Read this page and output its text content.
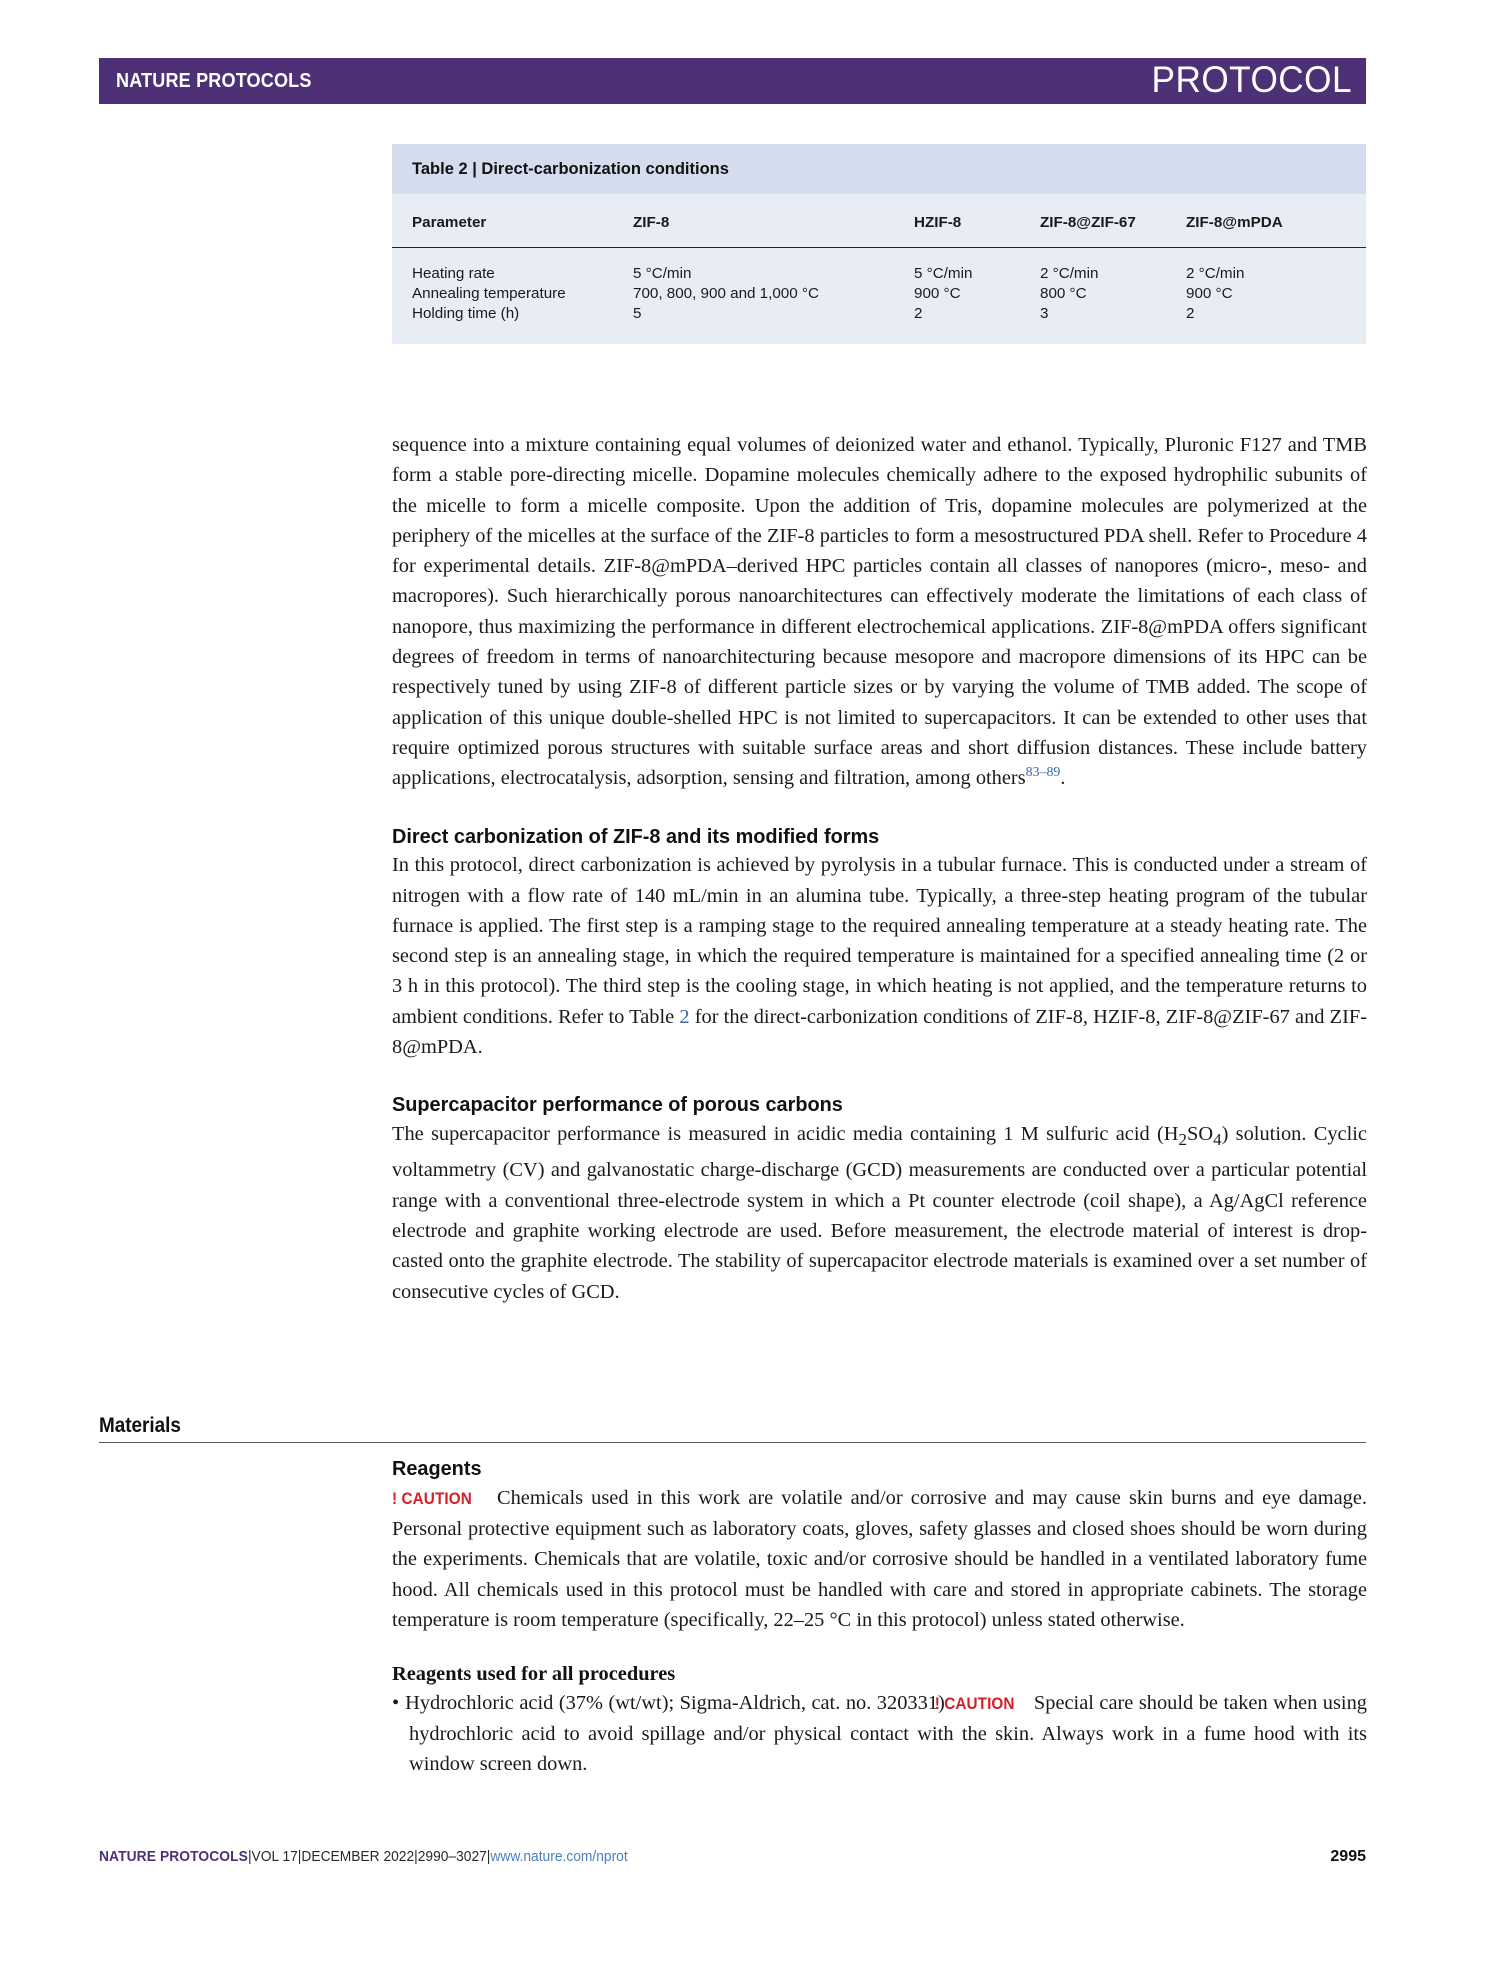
NATURE PROTOCOLS	PROTOCOL
Table 2 | Direct-carbonization conditions
Parameter	ZIF-8	HZIF-8	ZIF-8@ZIF-67	ZIF-8@mPDA
Heating rate	5 °C/min	5 °C/min	2 °C/min	2 °C/min
Annealing temperature	700, 800, 900 and 1,000 °C	900 °C	800 °C	900 °C
Holding time (h)	5	2	3	2

sequence into a mixture containing equal volumes of deionized water and ethanol. Typically, Pluronic F127 and TMB form a stable pore-directing micelle. Dopamine molecules chemically adhere to the exposed hydrophilic subunits of the micelle to form a micelle composite. Upon the addition of Tris, dopamine molecules are polymerized at the periphery of the micelles at the surface of the ZIF-8 particles to form a mesostructured PDA shell. Refer to Procedure 4 for experimental details. ZIF-8@mPDA–derived HPC particles contain all classes of nanopores (micro-, meso- and macropores). Such hierarchically porous nanoarchitectures can effectively moderate the limitations of each class of nanopore, thus maximizing the performance in different electrochemical applications. ZIF-8@mPDA offers significant degrees of freedom in terms of nanoarchitecturing because mesopore and macropore dimensions of its HPC can be respectively tuned by using ZIF-8 of different particle sizes or by varying the volume of TMB added. The scope of application of this unique double-shelled HPC is not limited to supercapacitors. It can be extended to other uses that require optimized porous structures with suitable surface areas and short diffusion distances. These include battery applications, electrocatalysis, adsorption, sensing and filtration, among others$^{83-89}$.

Direct carbonization of ZIF-8 and its modified forms

In this protocol, direct carbonization is achieved by pyrolysis in a tubular furnace. This is conducted under a stream of nitrogen with a flow rate of 140 mL/min in an alumina tube. Typically, a three-step heating program of the tubular furnace is applied. The first step is a ramping stage to the required annealing temperature at a steady heating rate. The second step is an annealing stage, in which the required temperature is maintained for a specified annealing time (2 or 3 h in this protocol). The third step is the cooling stage, in which heating is not applied, and the temperature returns to ambient conditions. Refer to Table 2 for the direct-carbonization conditions of ZIF-8, HZIF-8, ZIF-8@ZIF-67 and ZIF-8@mPDA.

Supercapacitor performance of porous carbons

The supercapacitor performance is measured in acidic media containing 1 M sulfuric acid $(H_2SO_4)$ solution. Cyclic voltammetry (CV) and galvanostatic charge-discharge (GCD) measurements are conducted over a particular potential range with a conventional three-electrode system in which a Pt counter electrode (coil shape), a Ag/AgCl reference electrode and graphite working electrode are used. Before measurement, the electrode material of interest is drop-casted onto the graphite electrode. The stability of supercapacitor electrode materials is examined over a set number of consecutive cycles of GCD.

Materials
Reagents

! CAUTION Chemicals used in this work are volatile and/or corrosive and may cause skin burns and eye damage. Personal protective equipment such as laboratory coats, gloves, safety glasses and closed shoes should be worn during the experiments. Chemicals that are volatile, toxic and/or corrosive should be handled in a ventilated laboratory fume hood. All chemicals used in this protocol must be handled with care and stored in appropriate cabinets. The storage temperature is room temperature (specifically, 22–25 °C in this protocol) unless stated otherwise.

Reagents used for all procedures
• Hydrochloric acid (37% (wt/wt); Sigma-Aldrich, cat. no. 320331) ! CAUTION Special care should be taken when using hydrochloric acid to avoid spillage and/or physical contact with the skin. Always work in a fume hood with its window screen down.
NATURE PROTOCOLS|VOL 17|DECEMBER 2022|2990–3027|www.nature.com/nprot	2995
